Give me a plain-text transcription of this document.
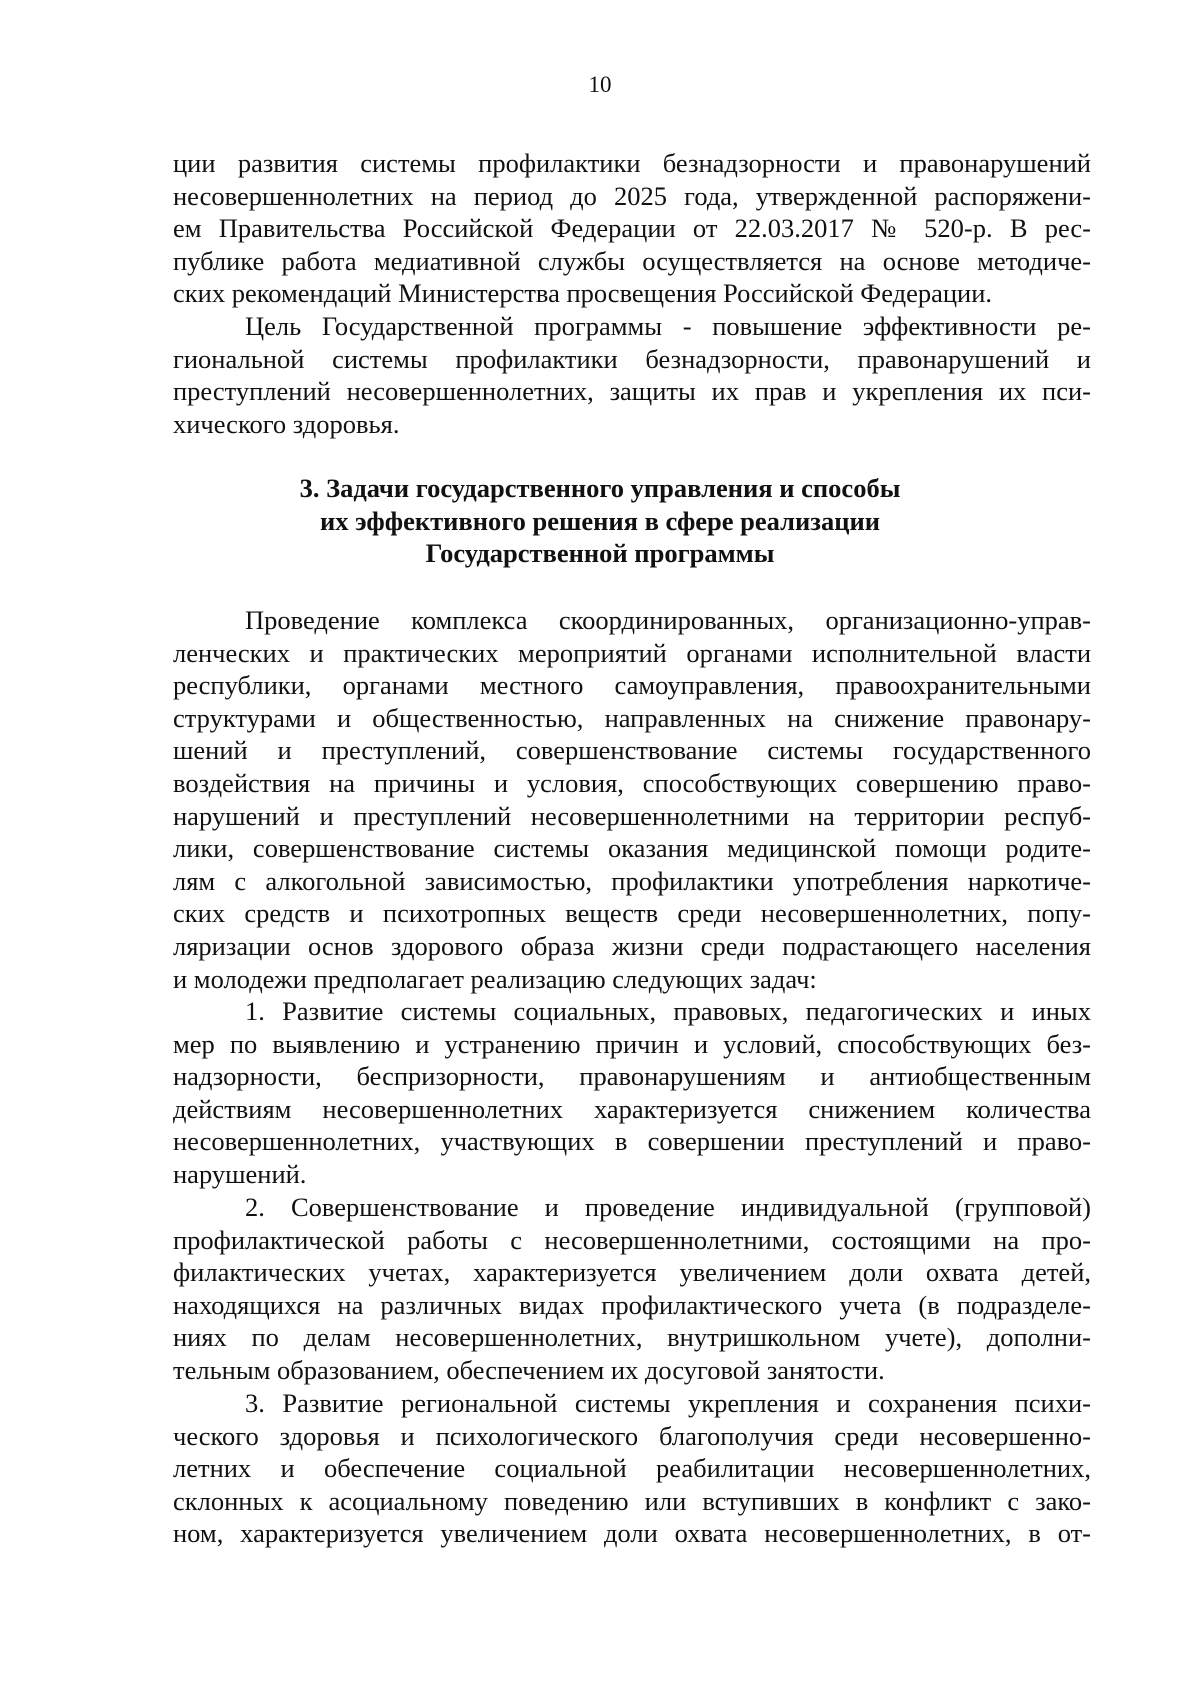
10
ции развития системы профилактики безнадзорности и правонарушений
несовершеннолетних на период до 2025 года, утвержденной распоряжени-
ем Правительства Российской Федерации от 22.03.2017 № 520-р. В рес-
публике работа медиативной службы осуществляется на основе методиче-
ских рекомендаций Министерства просвещения Российской Федерации.
Цель Государственной программы - повышение эффективности ре-
гиональной системы профилактики безнадзорности, правонарушений и
преступлений несовершеннолетних, защиты их прав и укрепления их пси-
хического здоровья.
3. Задачи государственного управления и способы
их эффективного решения в сфере реализации
Государственной программы
Проведение комплекса скоординированных, организационно-управ-
ленческих и практических мероприятий органами исполнительной власти
республики, органами местного самоуправления, правоохранительными
структурами и общественностью, направленных на снижение правонару-
шений и преступлений, совершенствование системы государственного
воздействия на причины и условия, способствующих совершению право-
нарушений и преступлений несовершеннолетними на территории респуб-
лики, совершенствование системы оказания медицинской помощи родите-
лям с алкогольной зависимостью, профилактики употребления наркотиче-
ских средств и психотропных веществ среди несовершеннолетних, попу-
ляризации основ здорового образа жизни среди подрастающего населения
и молодежи предполагает реализацию следующих задач:
1. Развитие системы социальных, правовых, педагогических и иных
мер по выявлению и устранению причин и условий, способствующих без-
надзорности, беспризорности, правонарушениям и антиобщественным
действиям несовершеннолетних характеризуется снижением количества
несовершеннолетних, участвующих в совершении преступлений и право-
нарушений.
2. Совершенствование и проведение индивидуальной (групповой)
профилактической работы с несовершеннолетними, состоящими на про-
филактических учетах, характеризуется увеличением доли охвата детей,
находящихся на различных видах профилактического учета (в подразделе-
ниях по делам несовершеннолетних, внутришкольном учете), дополни-
тельным образованием, обеспечением их досуговой занятости.
3. Развитие региональной системы укрепления и сохранения психи-
ческого здоровья и психологического благополучия среди несовершенно-
летних и обеспечение социальной реабилитации несовершеннолетних,
склонных к асоциальному поведению или вступивших в конфликт с зако-
ном, характеризуется увеличением доли охвата несовершеннолетних, в от-
